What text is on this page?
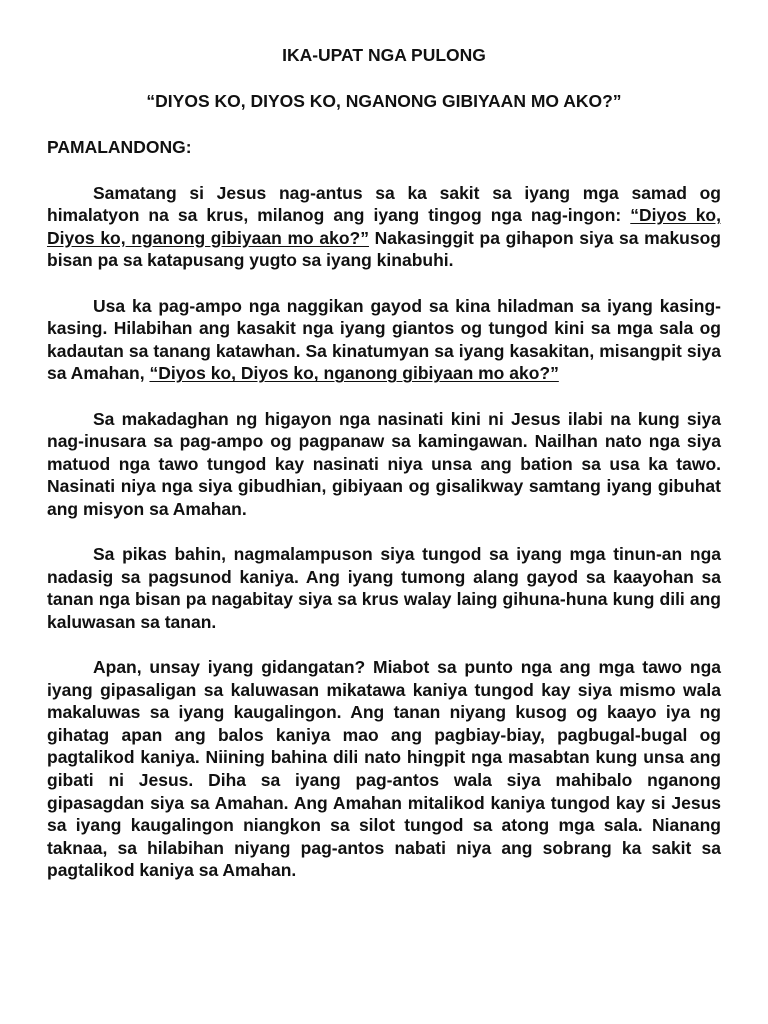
IKA-UPAT NGA PULONG

“DIYOS KO, DIYOS KO, NGANONG GIBIYAAN MO AKO?”

PAMALANDONG:

Samatang si Jesus nag-antus sa ka sakit sa iyang mga samad og himalatyon na sa krus, milanog ang iyang tingog nga nag-ingon: “Diyos ko, Diyos ko, nganong gibiyaan mo ako?” Nakasinggit pa gihapon siya sa makusog bisan pa sa katapusang yugto sa iyang kinabuhi.

Usa ka pag-ampo nga naggikan gayod sa kina hiladman sa iyang kasing-kasing. Hilabihan ang kasakit nga iyang giantos og tungod kini sa mga sala og kadautan sa tanang katawhan. Sa kinatumyan sa iyang kasakitan, misangpit siya sa Amahan, “Diyos ko, Diyos ko, nganong gibiyaan mo ako?”

Sa makadaghan ng higayon nga nasinati kini ni Jesus ilabi na kung siya nag-inusara sa pag-ampo og pagpanaw sa kamingawan. Nailhan nato nga siya matuod nga tawo tungod kay nasinati niya unsa ang bation sa usa ka tawo. Nasinati niya nga siya gibudhian, gibiyaan og gisalikway samtang iyang gibuhat ang misyon sa Amahan.

Sa pikas bahin, nagmalampuson siya tungod sa iyang mga tinun-an nga nadasig sa pagsunod kaniya. Ang iyang tumong alang gayod sa kaayohan sa tanan nga bisan pa nagabitay siya sa krus walay laing gihuna-huna kung dili ang kaluwasan sa tanan.

Apan, unsay iyang gidangatan? Miabot sa punto nga ang mga tawo nga iyang gipasaligan sa kaluwasan mikatawa kaniya tungod kay siya mismo wala makaluwas sa iyang kaugalingon. Ang tanan niyang kusog og kaayo iya ng gihatag apan ang balos kaniya mao ang pagbiay-biay, pagbugal-bugal og pagtalikod kaniya. Niining bahina dili nato hingpit nga masabtan kung unsa ang gibati ni Jesus. Diha sa iyang pag-antos wala siya mahibalo nganong gipasagdan siya sa Amahan. Ang Amahan mitalikod kaniya tungod kay si Jesus sa iyang kaugalingon niangkon sa silot tungod sa atong mga sala. Nianang taknaa, sa hilabihan niyang pag-antos nabati niya ang sobrang ka sakit sa pagtalikod kaniya sa Amahan.
